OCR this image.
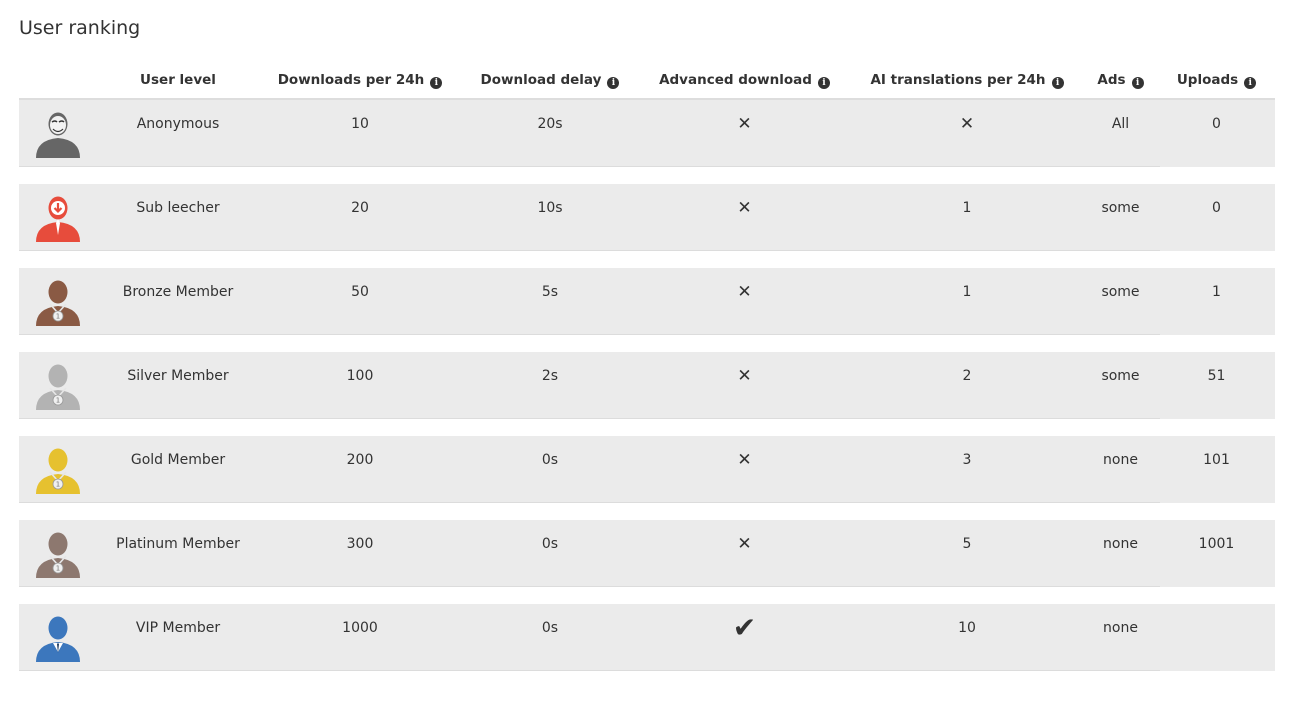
User ranking
User level	Downloads per 24h i	Download delay i	Advanced download i	AI translations per 24h i	Ads i	Uploads i
Anonymous	10	20s	✕	✕	All	0
Sub leecher	20	10s	✕	1	some	0
1
Bronze Member	50	5s	✕	1	some	1
1
Silver Member	100	2s	✕	2	some	51
1
Gold Member	200	0s	✕	3	none	101
1
Platinum Member	300	0s	✕	5	none	1001
VIP Member	1000	0s	✔	10	none
